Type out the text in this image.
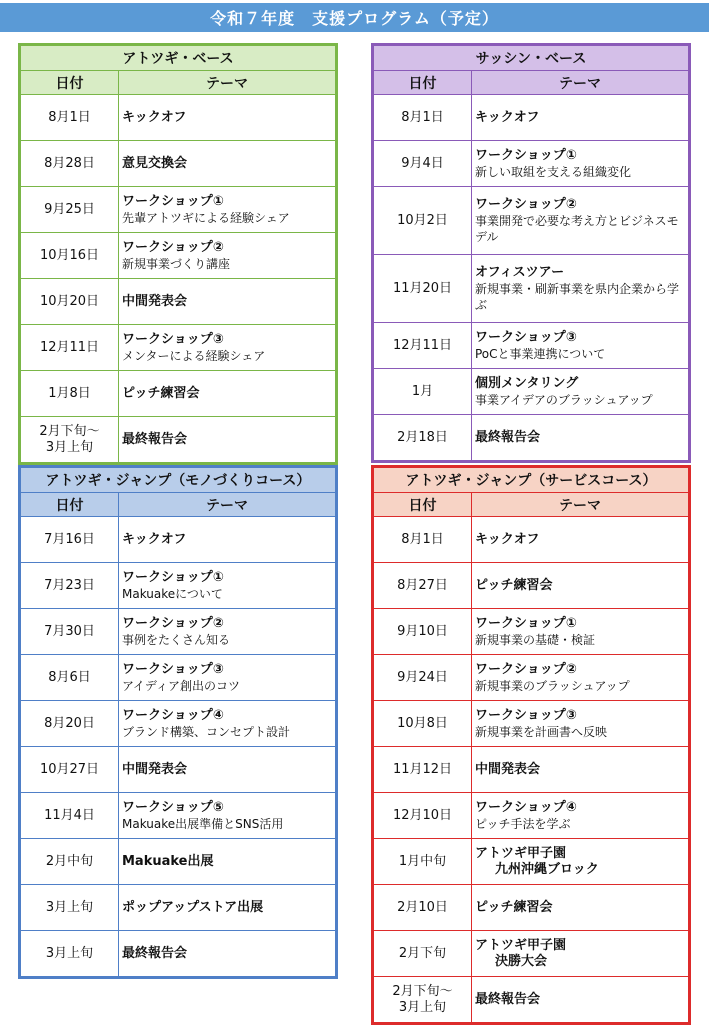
令和７年度　支援プログラム（予定）
アトツギ・ベース	
日付	テーマ
8月1日	キックオフ

8月28日	意見交換会

9月25日	ワークショップ①
先輩アトツギによる経験シェア

10月16日	ワークショップ②
新規事業づくり講座

10月20日	中間発表会

12月11日	ワークショップ③
メンターによる経験シェア

1月8日	ピッチ練習会

2月下旬～
3月上旬	最終報告会
サッシン・ベース	
日付	テーマ
8月1日	キックオフ

9月4日	ワークショップ①
新しい取組を支える組織変化

10月2日	ワークショップ②
事業開発で必要な考え方とビジネスモデル

11月20日	オフィスツアー
新規事業・刷新事業を県内企業から学ぶ

12月11日	ワークショップ③
PoCと事業連携について

1月	個別メンタリング
事業アイデアのブラッシュアップ

2月18日	最終報告会
アトツギ・ジャンプ（モノづくりコース）	
日付	テーマ
7月16日	キックオフ

7月23日	ワークショップ①
Makuakeについて

7月30日	ワークショップ②
事例をたくさん知る

8月6日	ワークショップ③
アイディア創出のコツ

8月20日	ワークショップ④
ブランド構築、コンセプト設計

10月27日	中間発表会

11月4日	ワークショップ⑤
Makuake出展準備とSNS活用

2月中旬	Makuake出展

3月上旬	ポップアップストア出展

3月上旬	最終報告会
アトツギ・ジャンプ（サービスコース）	
日付	テーマ
8月1日	キックオフ

8月27日	ピッチ練習会

9月10日	ワークショップ①
新規事業の基礎・検証

9月24日	ワークショップ②
新規事業のブラッシュアップ

10月8日	ワークショップ③
新規事業を計画書へ反映

11月12日	中間発表会

12月10日	ワークショップ④
ピッチ手法を学ぶ

1月中旬	アトツギ甲子園
九州沖縄ブロック

2月10日	ピッチ練習会

2月下旬	アトツギ甲子園
決勝大会

2月下旬～
3月上旬	最終報告会
